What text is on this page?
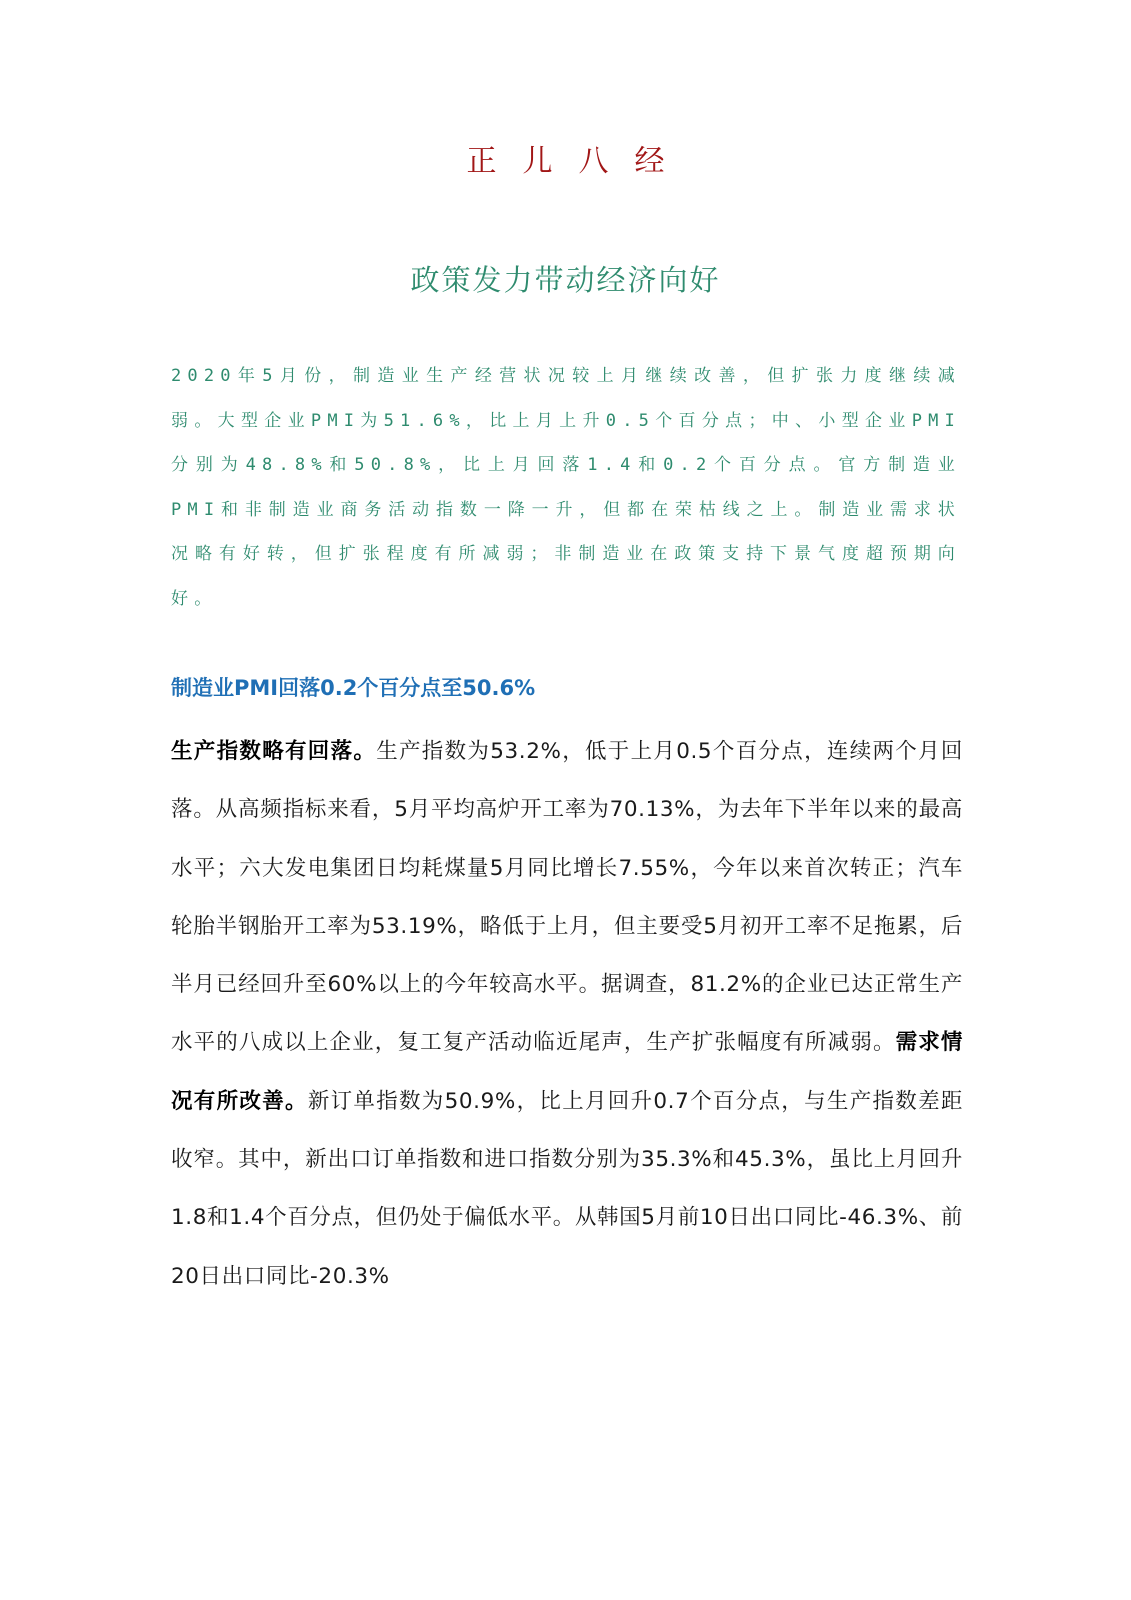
正儿八经
政策发力带动经济向好

2020年5月份，制造业生产经营状况较上月继续改善，但扩张力度继续减弱。大型企业PMI为51.6%，比上月上升0.5个百分点；中、小型企业PMI分别为48.8%和50.8%，比上月回落1.4和0.2个百分点。官方制造业PMI和非制造业商务活动指数一降一升，但都在荣枯线之上。制造业需求状况略有好转，但扩张程度有所减弱；非制造业在政策支持下景气度超预期向好。

制造业PMI回落0.2个百分点至50.6%

生产指数略有回落。生产指数为53.2%，低于上月0.5个百分点，连续两个月回落。从高频指标来看，5月平均高炉开工率为70.13%，为去年下半年以来的最高水平；六大发电集团日均耗煤量5月同比增长7.55%，今年以来首次转正；汽车轮胎半钢胎开工率为53.19%，略低于上月，但主要受5月初开工率不足拖累，后半月已经回升至60%以上的今年较高水平。据调查，81.2%的企业已达正常生产水平的八成以上企业，复工复产活动临近尾声，生产扩张幅度有所减弱。需求情况有所改善。新订单指数为50.9%，比上月回升0.7个百分点，与生产指数差距收窄。其中，新出口订单指数和进口指数分别为35.3%和45.3%，虽比上月回升1.8和1.4个百分点，但仍处于偏低水平。从韩国5月前10日出口同比-46.3%、前20日出口同比-20.3%
